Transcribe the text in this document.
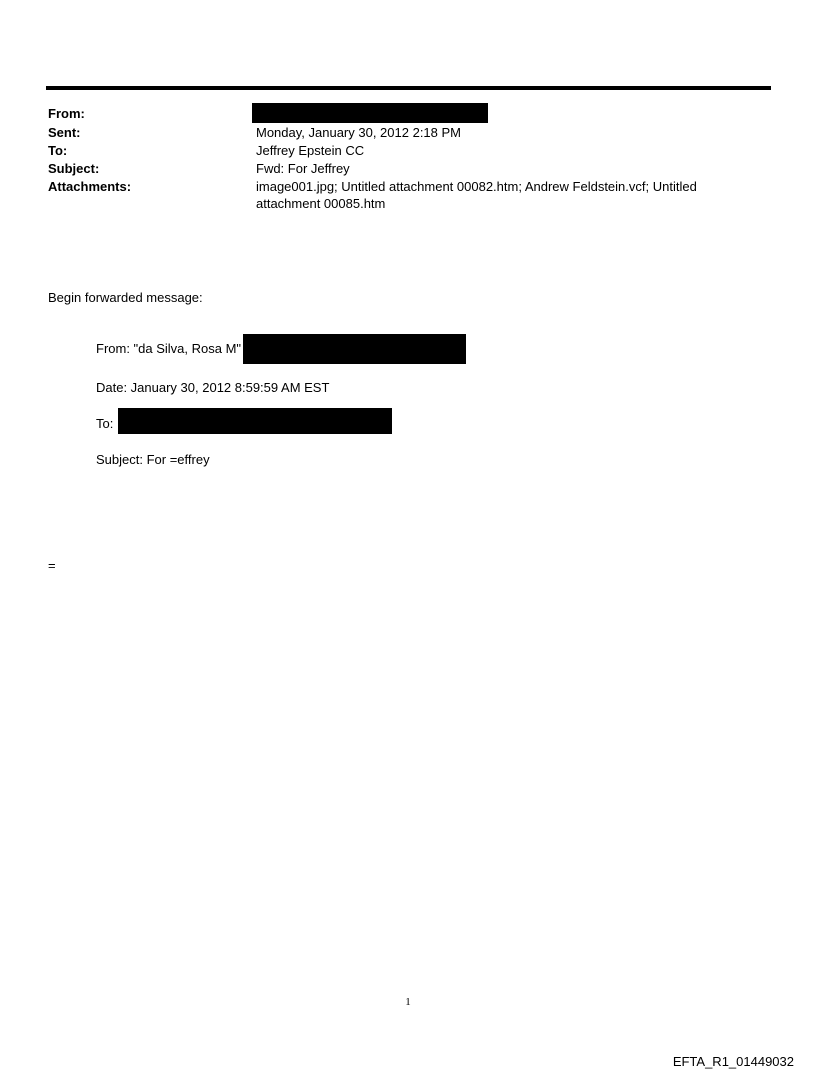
From:
Sent:	Monday, January 30, 2012 2:18 PM
To:	Jeffrey Epstein CC
Subject:	Fwd: For Jeffrey
Attachments:	image001.jpg; Untitled attachment 00082.htm; Andrew Feldstein.vcf; Untitled attachment 00085.htm
Begin forwarded message:
From: "da Silva, Rosa M"
Date: January 30, 2012 8:59:59 AM EST
To:
Subject: For =effrey
=
1
EFTA_R1_01449032
